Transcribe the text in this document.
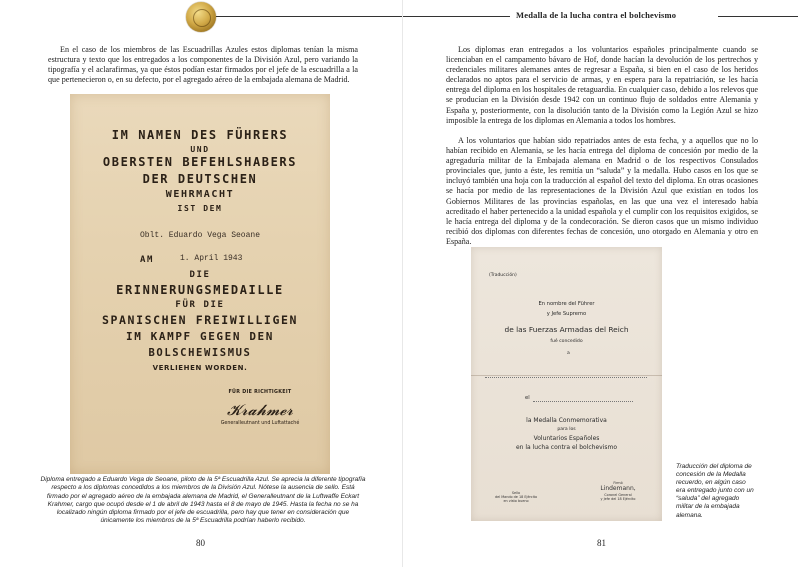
Medalla de la lucha contra el bolchevismo

En el caso de los miembros de las Escuadrillas Azules estos diplomas tenían la misma estructura y texto que los entregados a los componentes de la División Azul, pero variando la tipografía y el aclarafirmas, ya que éstos podían estar firmados por el jefe de la escuadrilla a la que pertenecieron o, en su defecto, por el agregado aéreo de la embajada alemana de Madrid.

IM NAMEN DES FÜHRERS
UND
OBERSTEN BEFEHLSHABERS
DER DEUTSCHEN
WEHRMACHT
IST DEM
Oblt. Eduardo Vega Seoane
AM	1. April 1943
DIE
ERINNERUNGSMEDAILLE
FÜR DIE
SPANISCHEN FREIWILLIGEN
IM KAMPF GEGEN DEN
BOLSCHEWISMUS
VERLIEHEN WORDEN.
FÜR DIE RICHTIGKEIT
𝓚𝓻𝓪𝓱𝓶𝓮𝓻
Generalleutnant und Luftattaché

Diploma entregado a Eduardo Vega de Seoane, piloto de la 5ª Escuadrilla Azul. Se aprecia la diferente tipografía respecto a los diplomas concedidos a los miembros de la División Azul. Nótese la ausencia de sello. Está firmado por el agregado aéreo de la embajada alemana de Madrid, el Generalleutnant de la Luftwaffe Eckart Krahmer, cargo que ocupó desde el 1 de abril de 1943 hasta el 8 de mayo de 1945. Hasta la fecha no se ha localizado ningún diploma firmado por el jefe de escuadrilla, pero hay que tener en consideración que únicamente los miembros de la 5ª Escuadrilla podrían haberlo recibido.

80

Los diplomas eran entregados a los voluntarios españoles principalmente cuando se licenciaban en el campamento bávaro de Hof, donde hacían la devolución de los pertrechos y credenciales militares alemanes antes de regresar a España, si bien en el caso de los heridos declarados no aptos para el servicio de armas, y en espera para la repatriación, se les hacía entrega del diploma en los hospitales de retaguardia. En cualquier caso, debido a los relevos que se producían en la División desde 1942 con un continuo flujo de soldados entre Alemania y España y, posteriormente, con la disolución tanto de la División como la Legión Azul se hizo imposible la entrega de los diplomas en Alemania a todos los hombres.

A los voluntarios que habían sido repatriados antes de esta fecha, y a aquellos que no lo habían recibido en Alemania, se les hacía entrega del diploma de concesión por medio de la agregaduría militar de la Embajada alemana en Madrid o de los respectivos Consulados provinciales que, junto a éste, les remitía un “saluda” y la medalla. Hubo casos en los que se incluyó también una hoja con la traducción al español del texto del diploma. En otras ocasiones se hacía por medio de las representaciones de la División Azul que existían en todos los Gobiernos Militares de las provincias españolas, en las que una vez el interesado había acreditado el haber pertenecido a la unidad española y el cumplir con los requisitos exigidos, se le hacía entrega del diploma y de la condecoración. Se dieron casos que un mismo individuo recibió dos diplomas con diferentes fechas de concesión, uno otorgado en Alemania y otro en España.

(Traducción)
En nombre del Führer
y Jefe Supremo
de las Fuerzas Armadas del Reich
fué concedido
a
el
la Medalla Conmemorativa
para los
Voluntarios Españoles
en la lucha contra el bolchevismo
Sello
del Mando de 18 Ejército
en visto bueno
Firmó
Lindemann,
Coronel General
y Jefe del 18 Ejército

Traducción del diploma de concesión de la Medalla recuerdo, en algún caso era entregado junto con un “saluda” del agregado militar de la embajada alemana.

81
